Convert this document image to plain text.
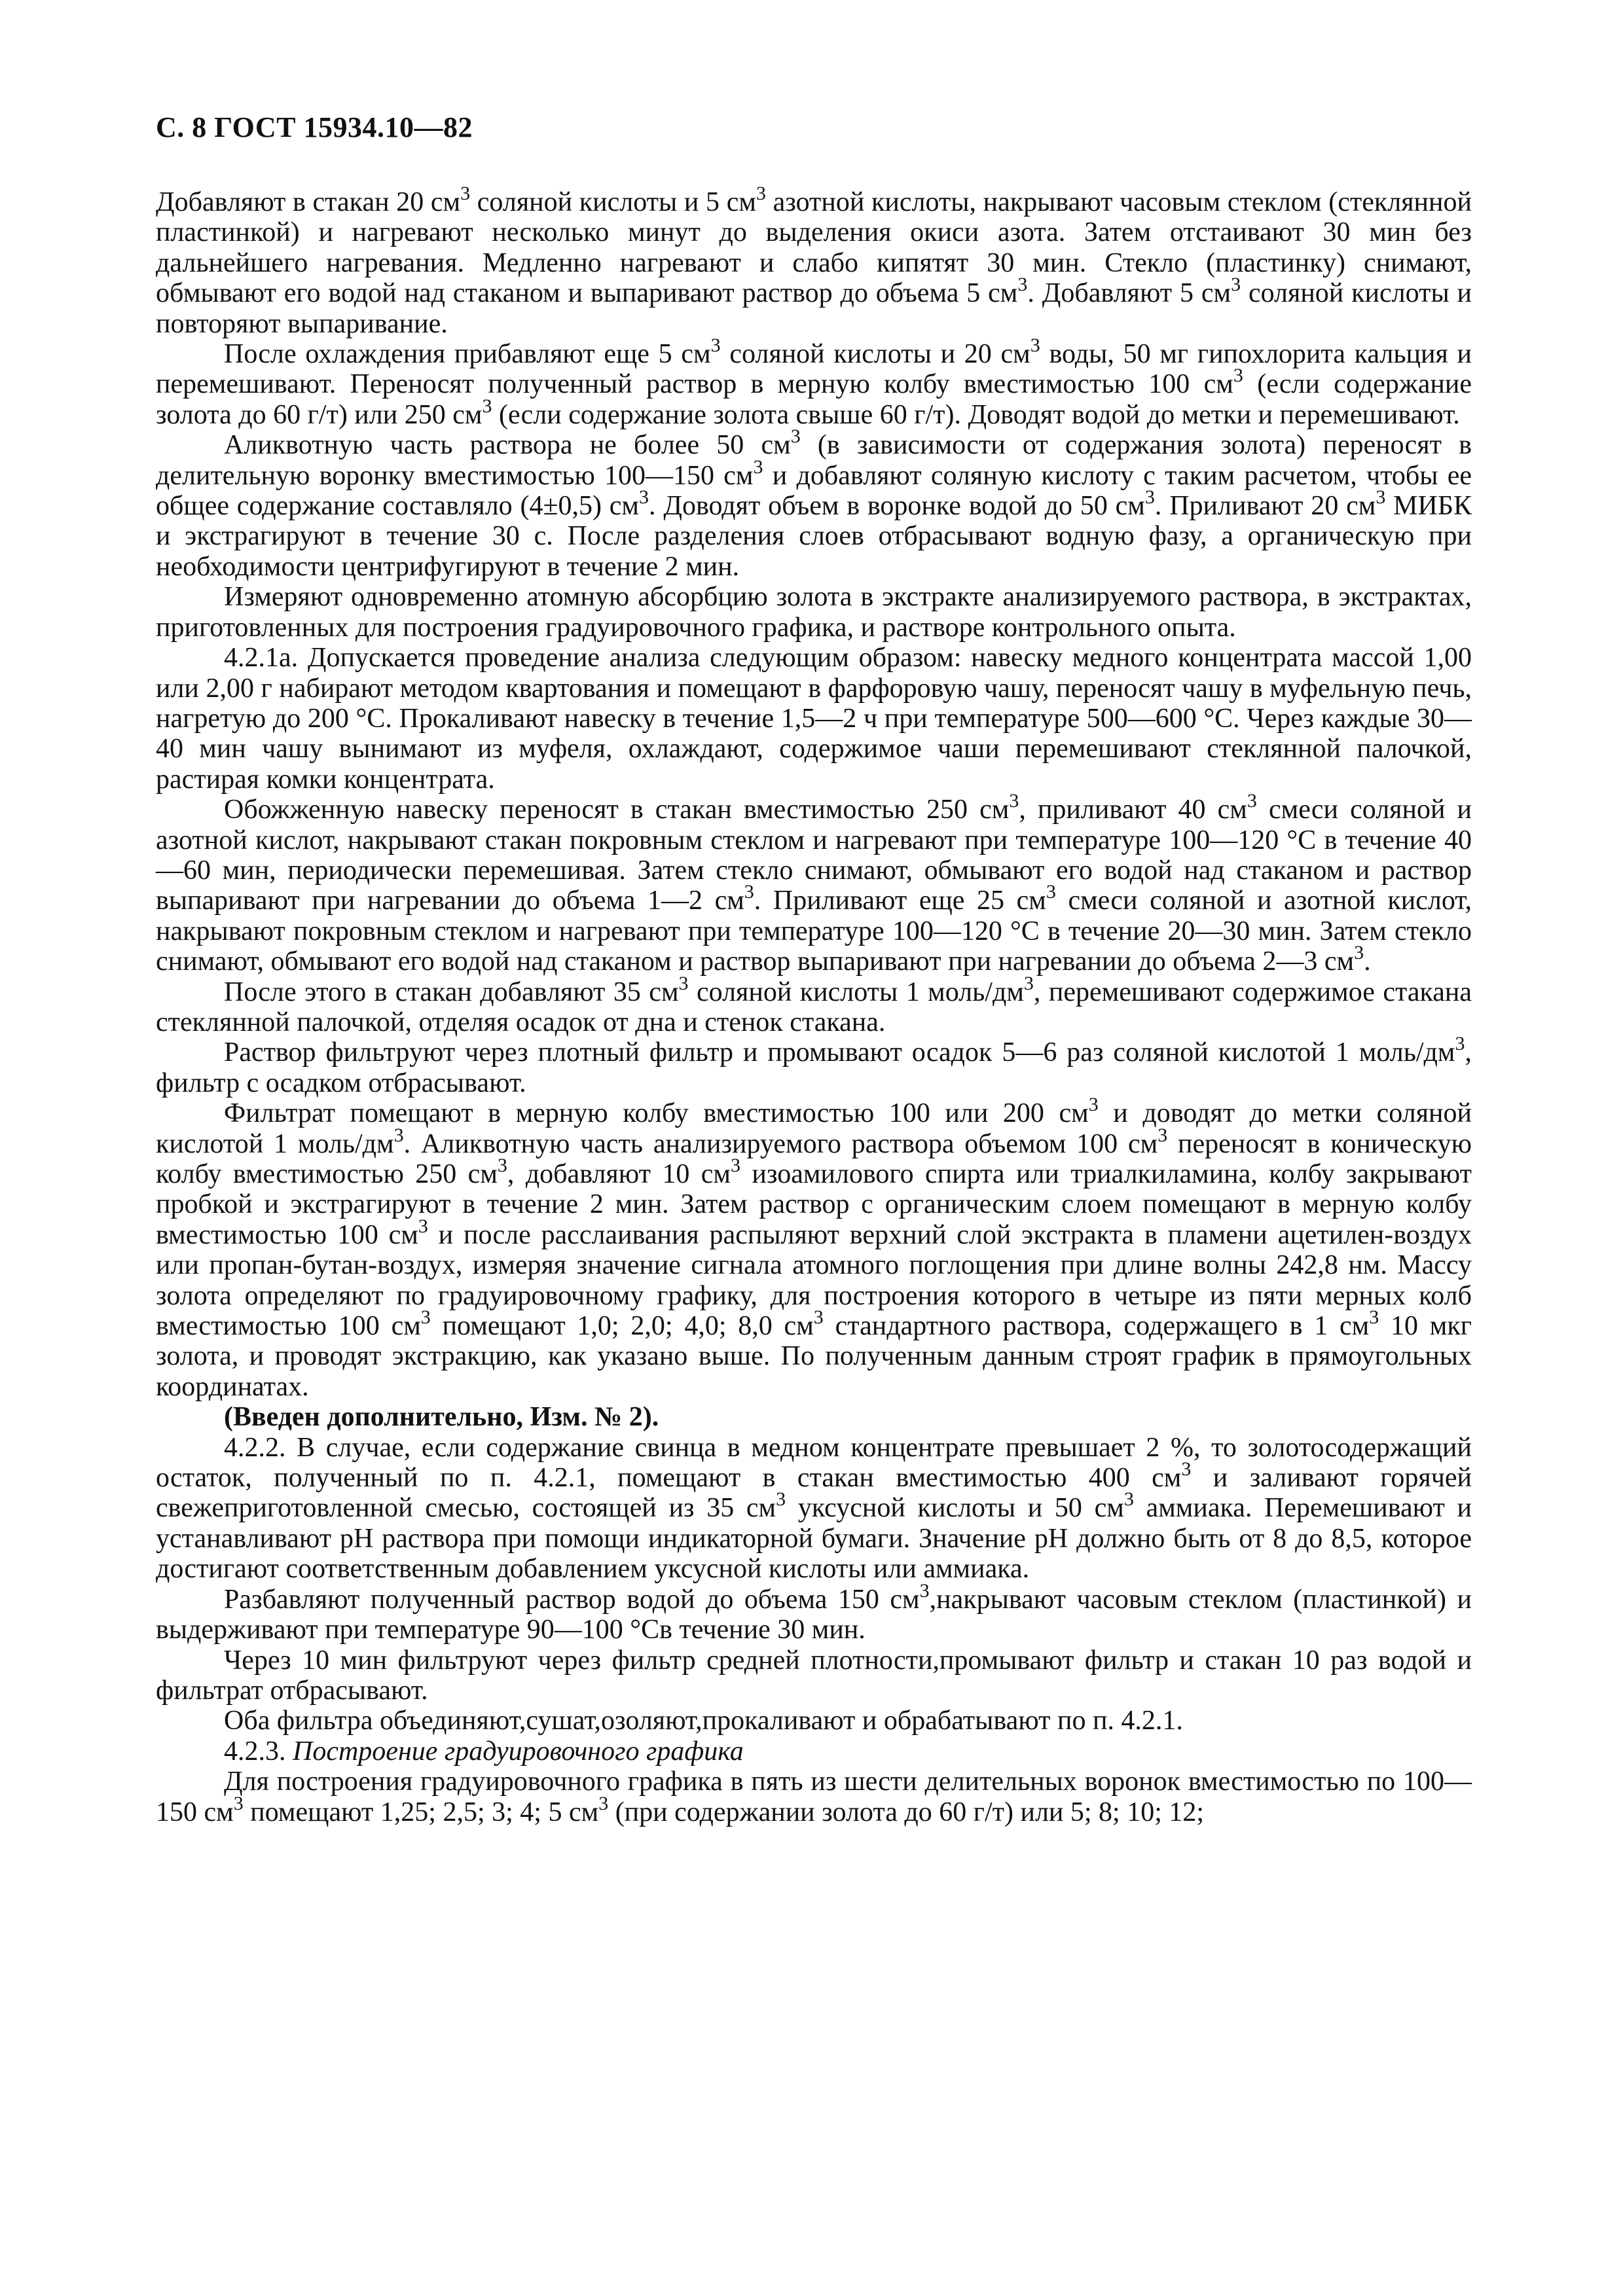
С. 8 ГОСТ 15934.10—82

Добавляют в стакан 20 $см^3$ соляной кислоты и 5 $см^3$ азотной кислоты, накрывают часовым стеклом (стеклянной пластинкой) и нагревают несколько минут до выделения окиси азота. Затем отстаивают 30 мин без дальнейшего нагревания. Медленно нагревают и слабо кипятят 30 мин. Стекло (пластинку) снимают, обмывают его водой над стаканом и выпаривают раствор до объема 5 $см^3$. Добавляют 5 $см^3$ соляной кислоты и повторяют выпаривание.

После охлаждения прибавляют еще 5 $см^3$ соляной кислоты и 20 $см^3$ воды, 50 мг гипохлорита кальция и перемешивают. Переносят полученный раствор в мерную колбу вместимостью 100 $см^3$ (если содержание золота до 60 г/т) или 250 $см^3$ (если содержание золота свыше 60 г/т). Доводят водой до метки и перемешивают.

Аликвотную часть раствора не более 50 $см^3$ (в зависимости от содержания золота) переносят в делительную воронку вместимостью 100—150 $см^3$ и добавляют соляную кислоту с таким расчетом, чтобы ее общее содержание составляло (4±0,5) $см^3$. Доводят объем в воронке водой до 50 $см^3$. Приливают 20 $см^3$ МИБК и экстрагируют в течение 30 с. После разделения слоев отбрасывают водную фазу, а органическую при необходимости центрифугируют в течение 2 мин.

Измеряют одновременно атомную абсорбцию золота в экстракте анализируемого раствора, в экстрактах, приготовленных для построения градуировочного графика, и растворе контрольного опыта.

4.2.1а. Допускается проведение анализа следующим образом: навеску медного концентрата массой 1,00 или 2,00 г набирают методом квартования и помещают в фарфоровую чашу, переносят чашу в муфельную печь, нагретую до 200 °С. Прокаливают навеску в течение 1,5—2 ч при температуре 500—600 °С. Через каждые 30—40 мин чашу вынимают из муфеля, охлаждают, содержимое чаши перемешивают стеклянной палочкой, растирая комки концентрата.

Обожженную навеску переносят в стакан вместимостью 250 $см^3$, приливают 40 $см^3$ смеси соляной и азотной кислот, накрывают стакан покровным стеклом и нагревают при температуре 100—120 °С в течение 40—60 мин, периодически перемешивая. Затем стекло снимают, обмывают его водой над стаканом и раствор выпаривают при нагревании до объема 1—2 $см^3$. Приливают еще 25 $см^3$ смеси соляной и азотной кислот, накрывают покровным стеклом и нагревают при температуре 100—120 °С в течение 20—30 мин. Затем стекло снимают, обмывают его водой над стаканом и раствор выпаривают при нагревании до объема 2—3 $см^3$.

После этого в стакан добавляют 35 $см^3$ соляной кислоты 1 моль/$дм^3$, перемешивают содержимое стакана стеклянной палочкой, отделяя осадок от дна и стенок стакана.

Раствор фильтруют через плотный фильтр и промывают осадок 5—6 раз соляной кислотой 1 моль/$дм^3$, фильтр с осадком отбрасывают.

Фильтрат помещают в мерную колбу вместимостью 100 или 200 $см^3$ и доводят до метки соляной кислотой 1 моль/$дм^3$. Аликвотную часть анализируемого раствора объемом 100 $см^3$ переносят в коническую колбу вместимостью 250 $см^3$, добавляют 10 $см^3$ изоамилового спирта или триалкиламина, колбу закрывают пробкой и экстрагируют в течение 2 мин. Затем раствор с органическим слоем помещают в мерную колбу вместимостью 100 $см^3$ и после расслаивания распыляют верхний слой экстракта в пламени ацетилен-воздух или пропан-бутан-воздух, измеряя значение сигнала атомного поглощения при длине волны 242,8 нм. Массу золота определяют по градуировочному графику, для построения которого в четыре из пяти мерных колб вместимостью 100 $см^3$ помещают 1,0; 2,0; 4,0; 8,0 $см^3$ стандартного раствора, содержащего в 1 $см^3$ 10 мкг золота, и проводят экстракцию, как указано выше. По полученным данным строят график в прямоугольных координатах.

(Введен дополнительно, Изм. № 2).

4.2.2. В случае, если содержание свинца в медном концентрате превышает 2 %, то золотосодержащий остаток, полученный по п. 4.2.1, помещают в стакан вместимостью 400 $см^3$ и заливают горячей свежеприготовленной смесью, состоящей из 35 $см^3$ уксусной кислоты и 50 $см^3$ аммиака. Перемешивают и устанавливают pH раствора при помощи индикаторной бумаги. Значение pH должно быть от 8 до 8,5, которое достигают соответственным добавлением уксусной кислоты или аммиака.

Разбавляют полученный раствор водой до объема 150 $см^3,накрывают$ часовым стеклом (пластинкой) и выдерживают при температуре 90—100 °Св течение 30 мин.

Через 10 мин фильтруют через фильтр средней плотности,промывают фильтр и стакан 10 раз водой и фильтрат отбрасывают.

Оба фильтра объединяют,сушат,озоляют,прокаливают и обрабатывают по п. 4.2.1.

4.2.3. Построение градуировочного графика

Для построения градуировочного графика в пять из шести делительных воронок вместимостью по 100—150 $см^3$ помещают 1,25; 2,5; 3; 4; 5 $см^3$ (при содержании золота до 60 г/т) или 5; 8; 10; 12;
